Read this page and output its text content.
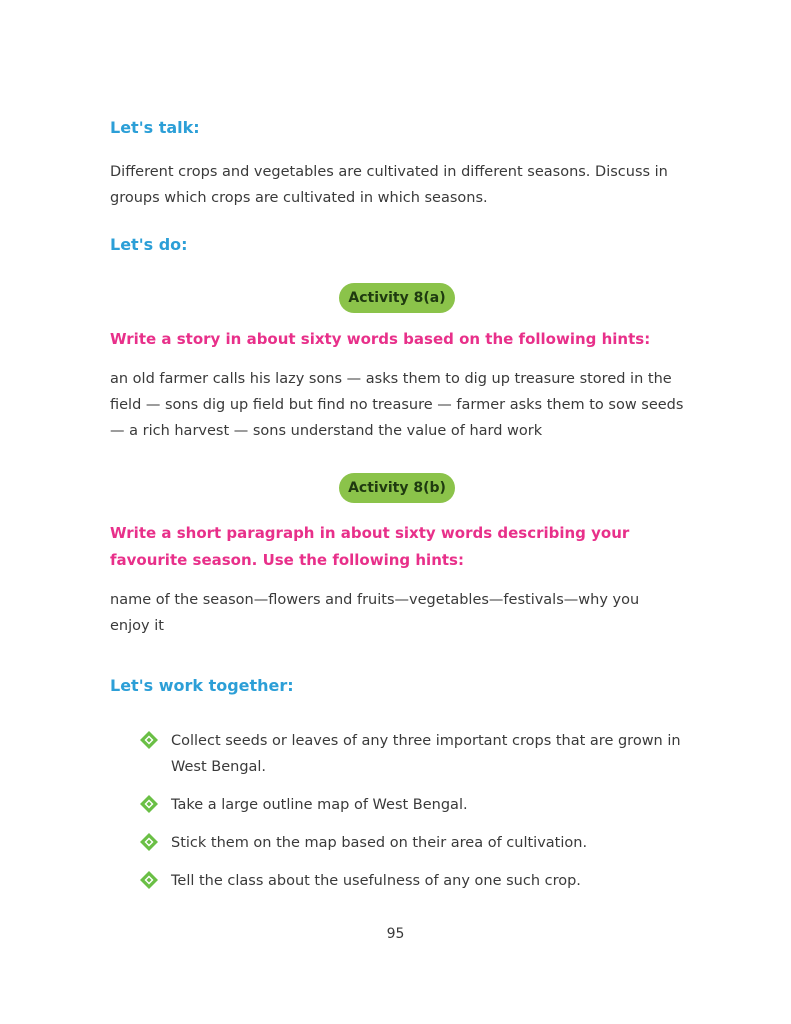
Let's talk:

Different crops and vegetables are cultivated in different seasons. Discuss in groups which crops are cultivated in which seasons.

Let's do:
Activity 8(a)

Write a story in about sixty words based on the following hints:

an old farmer calls his lazy sons — asks them to dig up treasure stored in the field — sons dig up field but find no treasure — farmer asks them to sow seeds — a rich harvest — sons understand the value of hard work

Activity 8(b)

Write a short paragraph in about sixty words describing your favourite season. Use the following hints:

name of the season—flowers and fruits—vegetables—festivals—why you enjoy it

Let's work together:
Collect seeds or leaves of any three important crops that are grown in West Bengal.
Take a large outline map of West Bengal.
Stick them on the map based on their area of cultivation.
Tell the class about the usefulness of any one such crop.
95
